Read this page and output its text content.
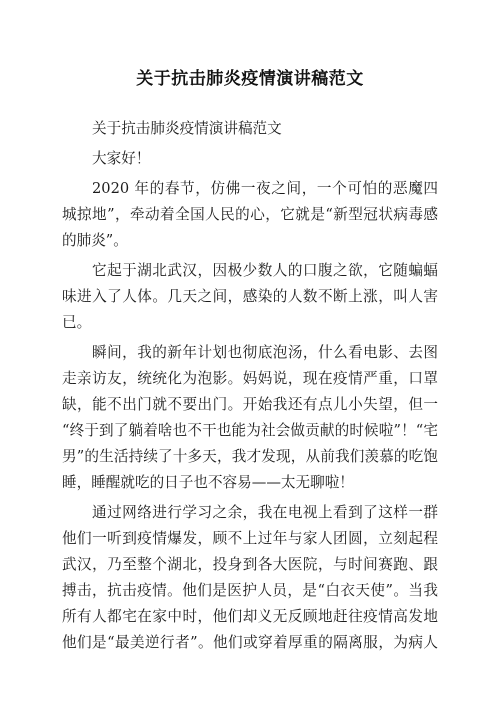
关于抗击肺炎疫情演讲稿范文
关于抗击肺炎疫情演讲稿范文
大家好！
2020 年的春节，仿佛一夜之间，一个可怕的恶魔四
城掠地”，牵动着全国人民的心，它就是“新型冠状病毒感
的肺炎”。
它起于湖北武汉，因极少数人的口腹之欲，它随蝙蝠
味进入了人体。几天之间，感染的人数不断上涨，叫人害
已。
瞬间，我的新年计划也彻底泡汤，什么看电影、去图
走亲访友，统统化为泡影。妈妈说，现在疫情严重，口罩
缺，能不出门就不要出门。开始我还有点儿小失望，但一
“终于到了躺着啥也不干也能为社会做贡献的时候啦”！“宅
男”的生活持续了十多天，我才发现，从前我们羡慕的吃饱
睡，睡醒就吃的日子也不容易——太无聊啦！
通过网络进行学习之余，我在电视上看到了这样一群
他们一听到疫情爆发，顾不上过年与家人团圆，立刻起程
武汉，乃至整个湖北，投身到各大医院，与时间赛跑、跟
搏击，抗击疫情。他们是医护人员，是“白衣天使”。当我
所有人都宅在家中时，他们却义无反顾地赶往疫情高发地
他们是“最美逆行者”。他们或穿着厚重的隔离服，为病人
